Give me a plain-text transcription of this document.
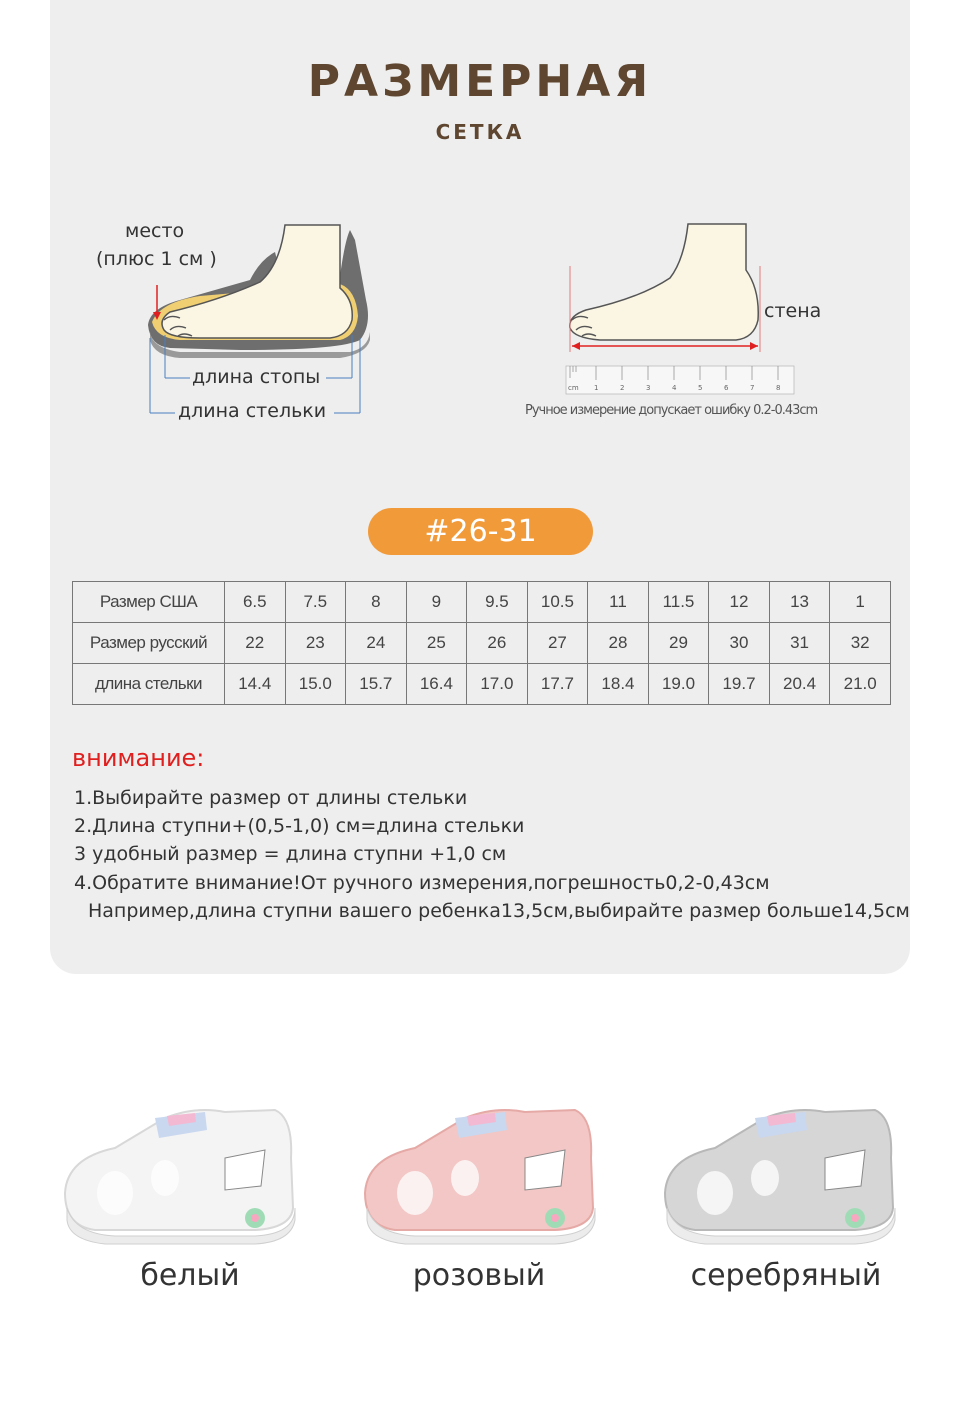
РАЗМЕРНАЯ
СЕТКА
место
(плюс 1 см )
длина стопы
длина стельки
cm 1	2	3	4	5	6	7	8
стена
Ручное измерение допускает ошибку 0.2-0.43cm
#26-31
Размер США	6.5	7.5	8	9	9.5	10.5	11	11.5	12	13	1
Размер русский	22	23	24	25	26	27	28	29	30	31	32
длина стельки	14.4	15.0	15.7	16.4	17.0	17.7	18.4	19.0	19.7	20.4	21.0
внимание:
1.Выбирайте размер от длины стельки
2.Длина ступни+(0,5-1,0) см=длина стельки
3 удобный размер = длина ступни +1,0 см
4.Обратите внимание!От ручного измерения,погрешность0,2-0,43см
Например,длина ступни вашего ребенка13,5см,выбирайте размер больше14,5см
белый	розовый	серебряный
